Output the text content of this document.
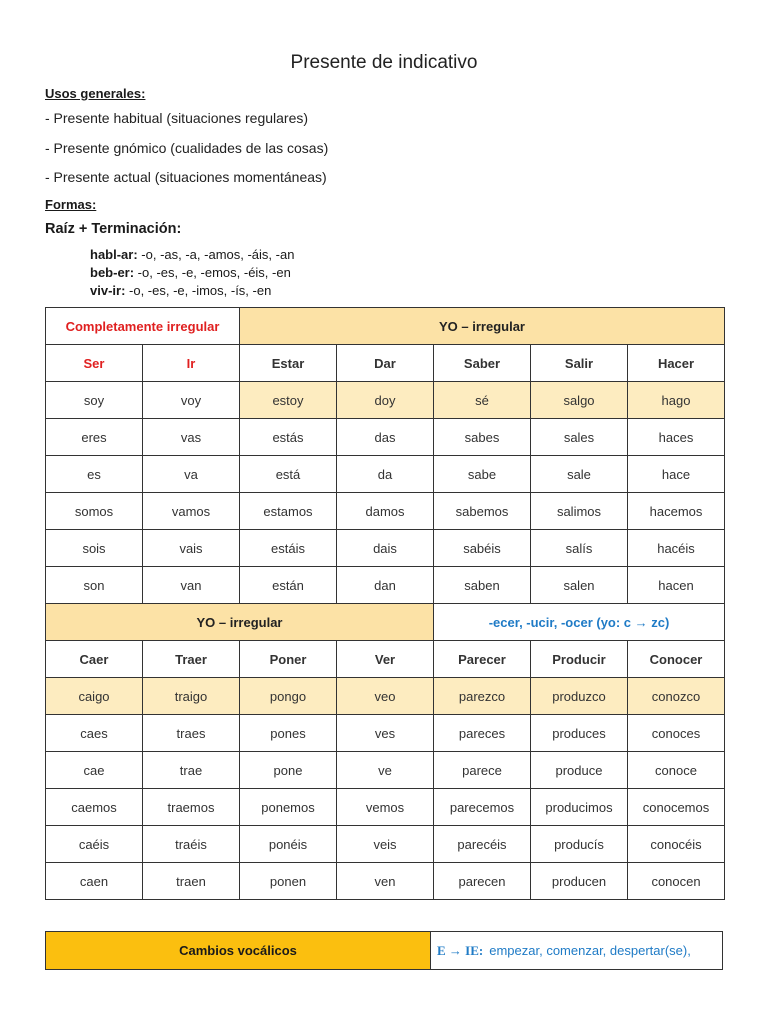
Presente de indicativo
Usos generales:
- Presente habitual (situaciones regulares)
- Presente gnómico (cualidades de las cosas)
- Presente actual (situaciones momentáneas)
Formas:
Raíz + Terminación:
habl-ar: -o, -as, -a, -amos, -áis, -an
beb-er: -o, -es, -e, -emos, -éis, -en
viv-ir: -o, -es, -e, -imos, -ís, -en
Completamente irregular		YO – irregular				
Ser	Ir	Estar	Dar	Saber	Salir	Hacer
soy	voy	estoy	doy	sé	salgo	hago
eres	vas	estás	das	sabes	sales	haces
es	va	está	da	sabe	sale	hace
somos	vamos	estamos	damos	sabemos	salimos	hacemos
sois	vais	estáis	dais	sabéis	salís	hacéis
son	van	están	dan	saben	salen	hacen
YO – irregular				-ecer, -ucir, -ocer (yo: c → zc)		
Caer	Traer	Poner	Ver	Parecer	Producir	Conocer
caigo	traigo	pongo	veo	parezco	produzco	conozco
caes	traes	pones	ves	pareces	produces	conoces
cae	trae	pone	ve	parece	produce	conoce
caemos	traemos	ponemos	vemos	parecemos	producimos	conocemos
caéis	traéis	ponéis	veis	parecéis	producís	conocéis
caen	traen	ponen	ven	parecen	producen	conocen
Cambios vocálicos	E → IE: empezar, comenzar, despertar(se),
